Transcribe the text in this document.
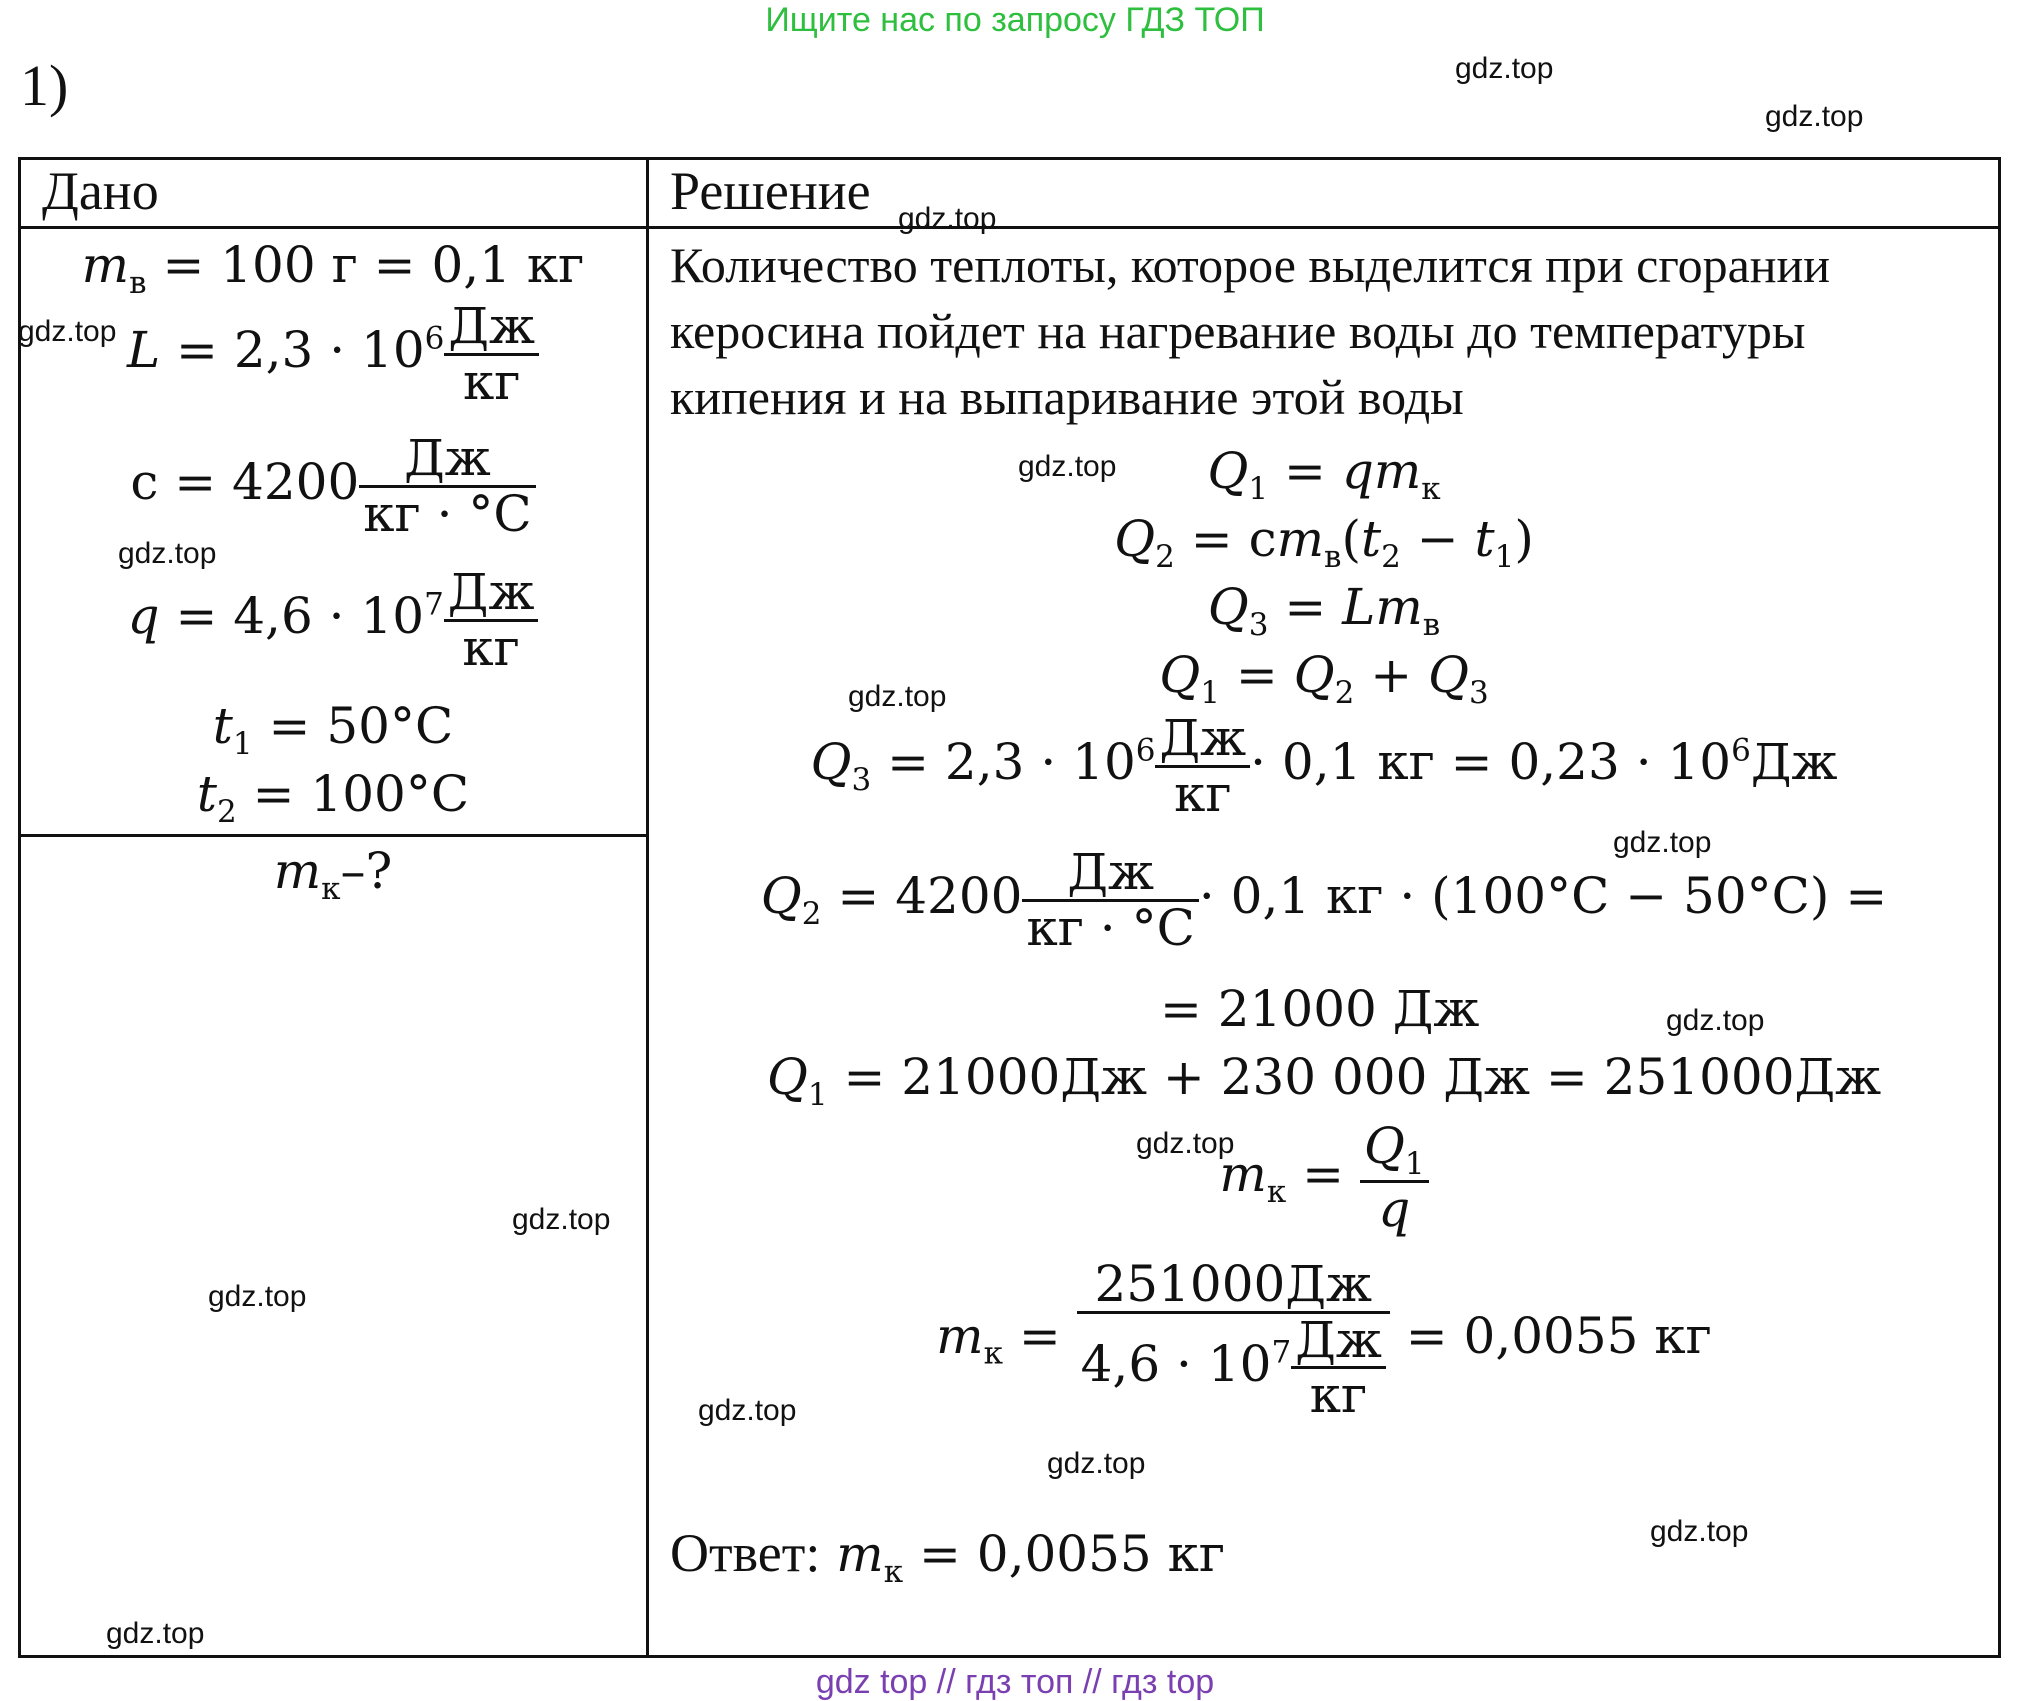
Ищите нас по запросу ГДЗ ТОП
1)
Дано	Решение
$m_в = 100$ г = 0,1 кг
$L = 2,3 \cdot 10^6 \frac{Дж}{кг}$
$c = 4200 \frac{Дж}{кг \cdot ^\circ C}$
$q = 4,6 \cdot 10^7 \frac{Дж}{кг}$
$t_1 = 50^\circ C$
$t_2 = 100^\circ C$
$m_к-$?
Количество теплоты, которое выделится при сгорании керосина пойдет на нагревание воды до температуры кипения и на выпаривание этой воды
$Q_1 = qm_к$
$Q_2 = cm_в(t_2 - t_1)$
$Q_3 = Lm_в$
$Q_1 = Q_2 + Q_3$
$Q_3 = 2,3 \cdot 10^6 \frac{Дж}{кг} \cdot 0,1$ кг = $0,23 \cdot 10^6Дж$
$Q_2 = 4200 \frac{Дж}{кг \cdot ^\circ C} \cdot 0,1$ кг · (100°C − 50°C) =
= 21000 Дж
$Q_1 = 21000Дж + 230$ 000 Дж = 251000Дж
$m_к = \frac{Q_1}{q}$
$m_к = \frac{251000Дж}{4,6 \cdot 10^7 \frac{Дж}{кг}} = 0,0055$ кг
Ответ: $m_к = 0,0055$ кг
gdz.top
gdz.top
gdz.top
gdz.top
gdz.top
gdz.top
gdz.top
gdz.top
gdz.top
gdz.top
gdz.top
gdz.top
gdz.top
gdz.top
gdz.top
gdz.top
gdz top // гдз топ // гдз top
